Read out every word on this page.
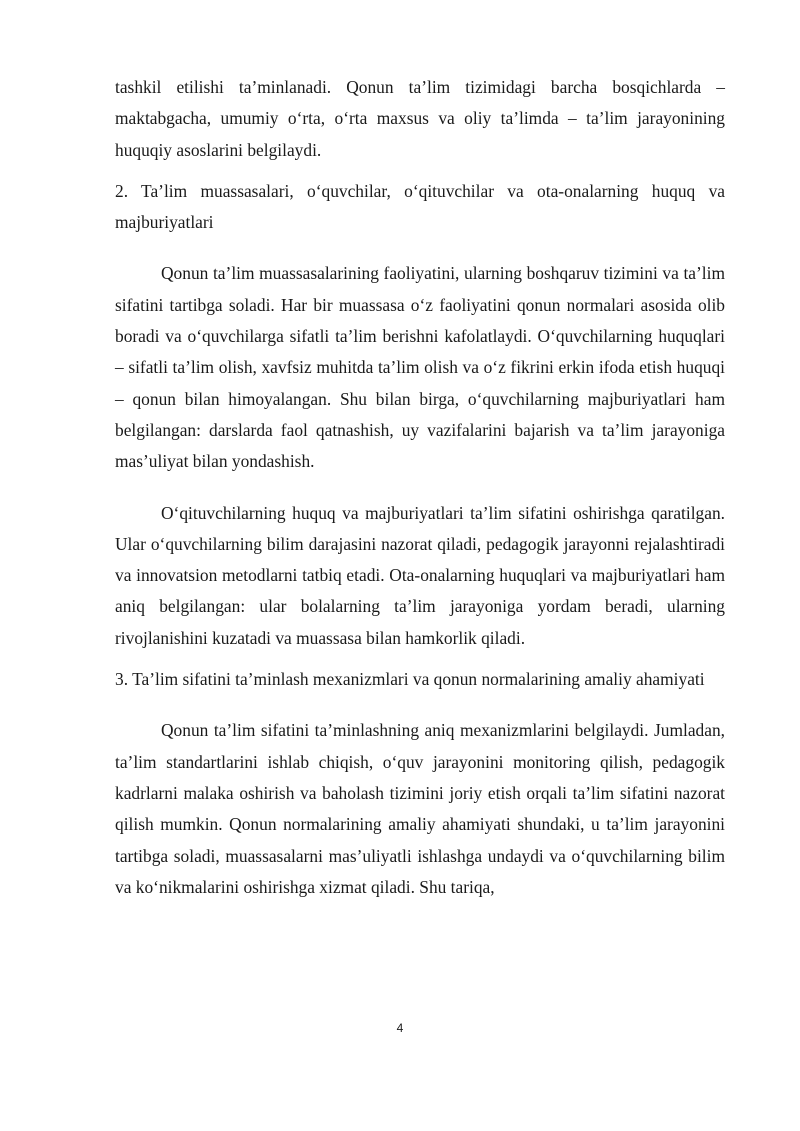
tashkil etilishi ta’minlanadi. Qonun ta’lim tizimidagi barcha bosqichlarda – maktabgacha, umumiy o‘rta, o‘rta maxsus va oliy ta’limda – ta’lim jarayonining huquqiy asoslarini belgilaydi.

2. Ta’lim muassasalari, o‘quvchilar, o‘qituvchilar va ota-onalarning huquq va majburiyatlari

Qonun ta’lim muassasalarining faoliyatini, ularning boshqaruv tizimini va ta’lim sifatini tartibga soladi. Har bir muassasa o‘z faoliyatini qonun normalari asosida olib boradi va o‘quvchilarga sifatli ta’lim berishni kafolatlaydi. O‘quvchilarning huquqlari – sifatli ta’lim olish, xavfsiz muhitda ta’lim olish va o‘z fikrini erkin ifoda etish huquqi – qonun bilan himoyalangan. Shu bilan birga, o‘quvchilarning majburiyatlari ham belgilangan: darslarda faol qatnashish, uy vazifalarini bajarish va ta’lim jarayoniga mas’uliyat bilan yondashish.

O‘qituvchilarning huquq va majburiyatlari ta’lim sifatini oshirishga qaratilgan. Ular o‘quvchilarning bilim darajasini nazorat qiladi, pedagogik jarayonni rejalashtiradi va innovatsion metodlarni tatbiq etadi. Ota-onalarning huquqlari va majburiyatlari ham aniq belgilangan: ular bolalarning ta’lim jarayoniga yordam beradi, ularning rivojlanishini kuzatadi va muassasa bilan hamkorlik qiladi.

3. Ta’lim sifatini ta’minlash mexanizmlari va qonun normalarining amaliy ahamiyati

Qonun ta’lim sifatini ta’minlashning aniq mexanizmlarini belgilaydi. Jumladan, ta’lim standartlarini ishlab chiqish, o‘quv jarayonini monitoring qilish, pedagogik kadrlarni malaka oshirish va baholash tizimini joriy etish orqali ta’lim sifatini nazorat qilish mumkin. Qonun normalarining amaliy ahamiyati shundaki, u ta’lim jarayonini tartibga soladi, muassasalarni mas’uliyatli ishlashga undaydi va o‘quvchilarning bilim va ko‘nikmalarini oshirishga xizmat qiladi. Shu tariqa,

4
